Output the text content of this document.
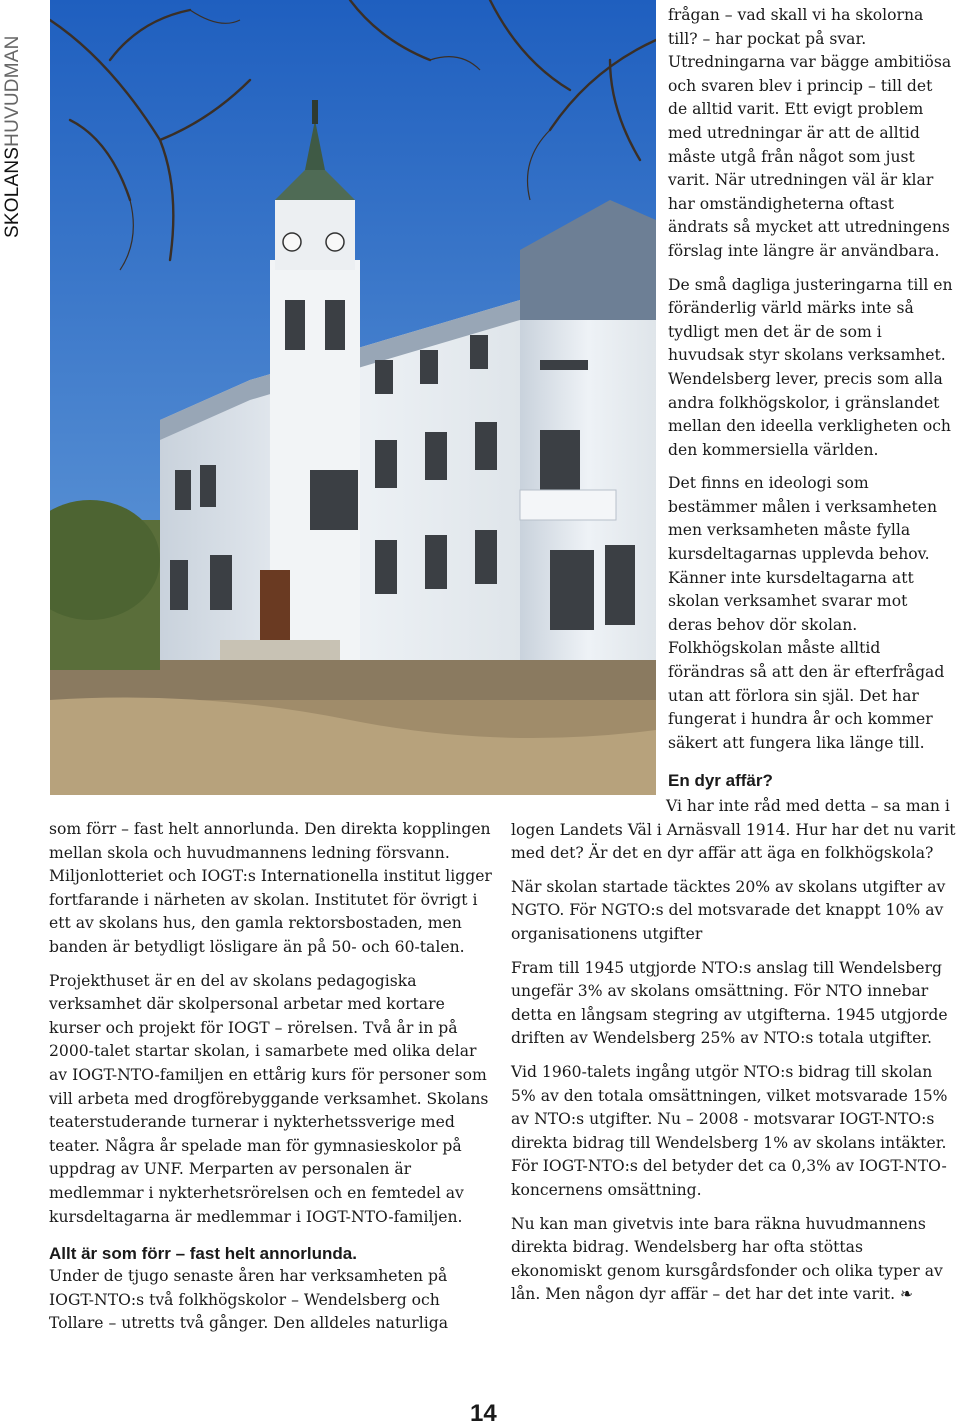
SKOLANSHUVUDMAN

frågan – vad skall vi ha skolorna till? – har pockat på svar. Utredningarna var bägge ambitiösa och svaren blev i princip – till det de alltid varit. Ett evigt problem med utredningar är att de alltid måste utgå från något som just varit. När utredningen väl är klar har omständigheterna oftast ändrats så mycket att utredningens förslag inte längre är användbara.

De små dagliga justeringarna till en föränderlig värld märks inte så tydligt men det är de som i huvudsak styr skolans verksamhet. Wendelsberg lever, precis som alla andra folkhögskolor, i gränslandet mellan den ideella verkligheten och den kommersiella världen.

Det finns en ideologi som bestämmer målen i verksamheten men verksamheten måste fylla kursdeltagarnas upplevda behov. Känner inte kursdeltagarna att skolan verksamhet svarar mot deras behov dör skolan. Folkhögskolan måste alltid förändras så att den är efterfrågad utan att förlora sin själ. Det har fungerat i hundra år och kommer säkert att fungera lika länge till.

En dyr affär?

Vi har inte råd med detta – sa man i logen Landets Väl i Arnäsvall 1914. Hur har det nu varit med det? Är det en dyr affär att äga en folkhögskola?

När skolan startade täcktes 20% av skolans utgifter av NGTO. För NGTO:s del motsvarade det knappt 10% av organisationens utgifter

Fram till 1945 utgjorde NTO:s anslag till Wendelsberg ungefär 3% av skolans omsättning. För NTO innebar detta en långsam stegring av utgifterna. 1945 utgjorde driften av Wendelsberg 25% av NTO:s totala utgifter.

Vid 1960-talets ingång utgör NTO:s bidrag till skolan 5% av den totala omsättningen, vilket motsvarade 15% av NTO:s utgifter. Nu – 2008 - motsvarar IOGT-NTO:s direkta bidrag till Wendelsberg 1% av skolans intäkter. För IOGT-NTO:s del betyder det ca 0,3% av IOGT-NTO-koncernens omsättning.

Nu kan man givetvis inte bara räkna huvudmannens direkta bidrag. Wendelsberg har ofta stöttas ekonomiskt genom kursgårdsfonder och olika typer av lån. Men någon dyr affär – det har det inte varit. ❧

som förr – fast helt annorlunda. Den direkta kopplingen mellan skola och huvudmannens ledning försvann. Miljonlotteriet och IOGT:s Internationella institut ligger fortfarande i närheten av skolan. Institutet för övrigt i ett av skolans hus, den gamla rektorsbostaden, men banden är betydligt lösligare än på 50- och 60-talen.

Projekthuset är en del av skolans pedagogiska verksamhet där skolpersonal arbetar med kortare kurser och projekt för IOGT – rörelsen. Två år in på 2000-talet startar skolan, i samarbete med olika delar av IOGT-NTO-familjen en ettårig kurs för personer som vill arbeta med drogförebyggande verksamhet. Skolans teaterstuderande turnerar i nykterhetssverige med teater. Några år spelade man för gymnasieskolor på uppdrag av UNF. Merparten av personalen är medlemmar i nykterhetsrörelsen och en femtedel av kursdeltagarna är medlemmar i IOGT-NTO-familjen.

Allt är som förr – fast helt annorlunda.

Under de tjugo senaste åren har verksamheten på IOGT-NTO:s två folkhögskolor – Wendelsberg och Tollare – utretts två gånger. Den alldeles naturliga

14
